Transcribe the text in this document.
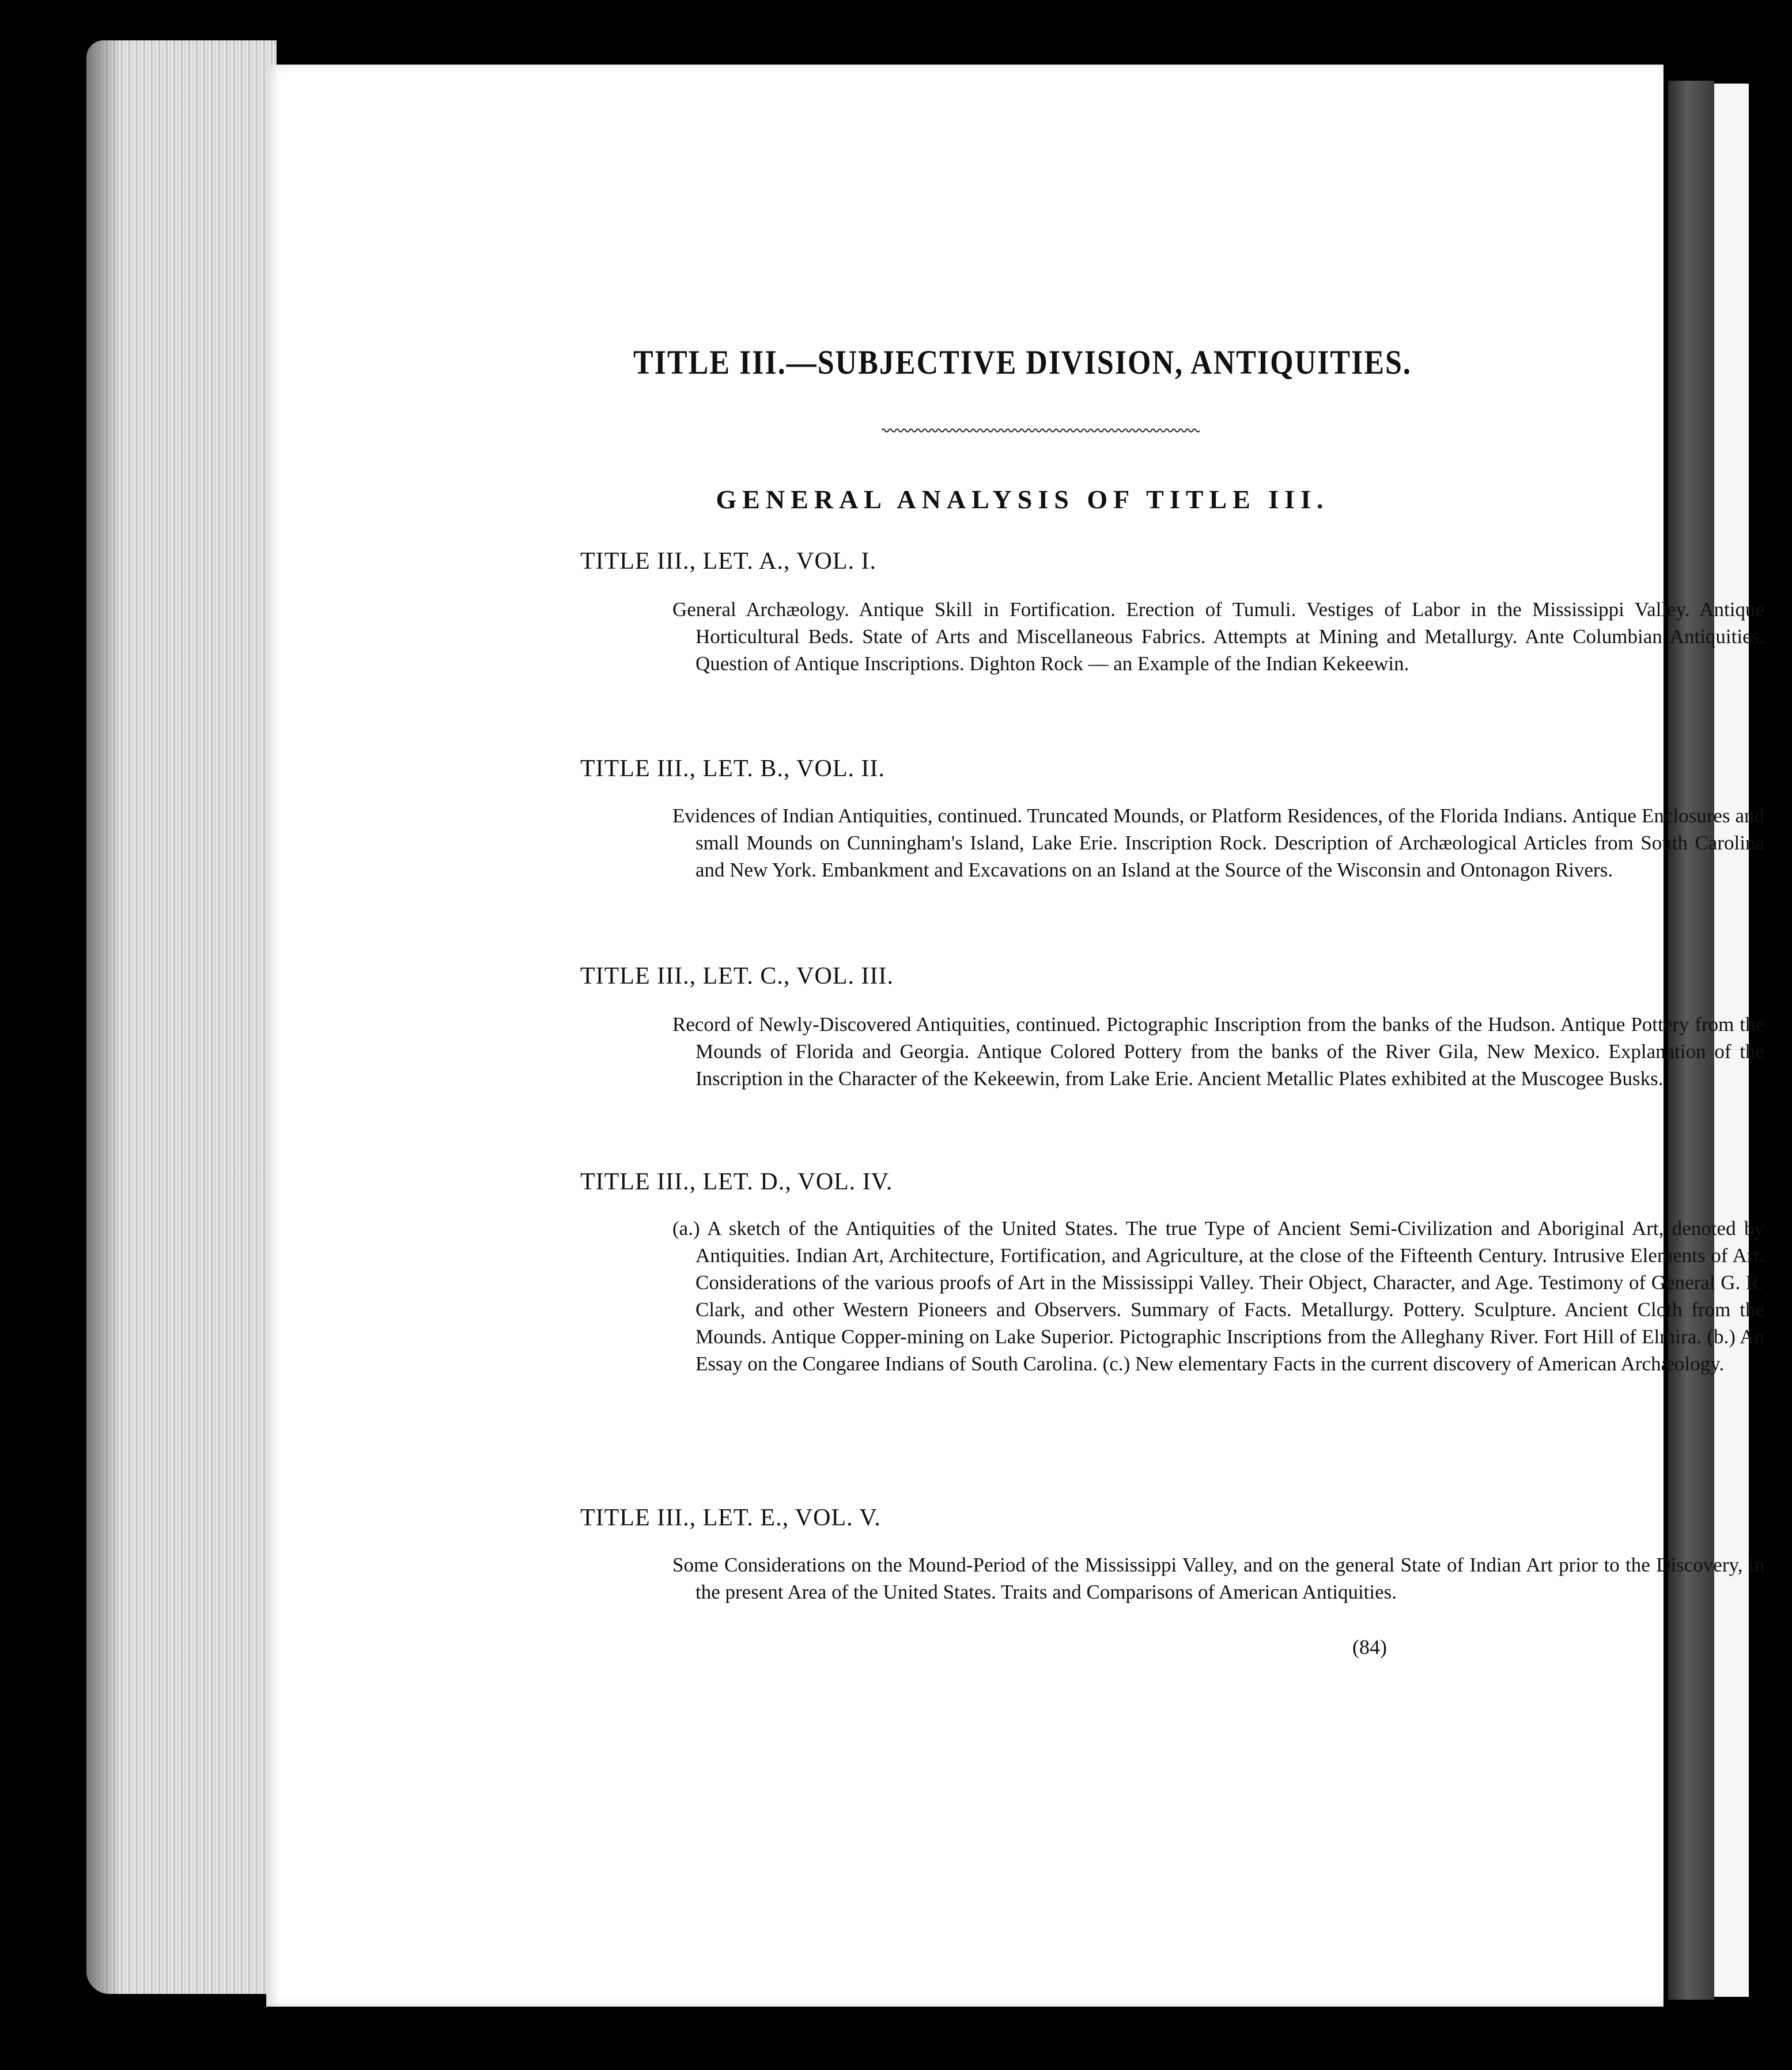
TITLE III.—SUBJECTIVE DIVISION, ANTIQUITIES.
GENERAL ANALYSIS OF TITLE III.
TITLE III., LET. A., VOL. I.
General Archæology. Antique Skill in Fortification. Erection of Tumuli. Vestiges of Labor in the Mississippi Valley. Antique Horticultural Beds. State of Arts and Miscellaneous Fabrics. Attempts at Mining and Metallurgy. Ante Columbian Antiquities. Question of Antique Inscriptions. Dighton Rock — an Example of the Indian Kekeewin.
TITLE III., LET. B., VOL. II.
Evidences of Indian Antiquities, continued. Truncated Mounds, or Platform Residences, of the Florida Indians. Antique Enclosures and small Mounds on Cunningham's Island, Lake Erie. Inscription Rock. Description of Archæological Articles from South Carolina and New York. Embankment and Excavations on an Island at the Source of the Wisconsin and Ontonagon Rivers.
TITLE III., LET. C., VOL. III.
Record of Newly-Discovered Antiquities, continued. Pictographic Inscription from the banks of the Hudson. Antique Pottery from the Mounds of Florida and Georgia. Antique Colored Pottery from the banks of the River Gila, New Mexico. Explanation of the Inscription in the Character of the Kekeewin, from Lake Erie. Ancient Metallic Plates exhibited at the Muscogee Busks.
TITLE III., LET. D., VOL. IV.
(a.) A sketch of the Antiquities of the United States. The true Type of Ancient Semi-Civilization and Aboriginal Art, denoted by Antiquities. Indian Art, Architecture, Fortification, and Agriculture, at the close of the Fifteenth Century. Intrusive Elements of Art. Considerations of the various proofs of Art in the Mississippi Valley. Their Object, Character, and Age. Testimony of General G. R. Clark, and other Western Pioneers and Observers. Summary of Facts. Metallurgy. Pottery. Sculpture. Ancient Cloth from the Mounds. Antique Copper-mining on Lake Superior. Pictographic Inscriptions from the Alleghany River. Fort Hill of Elmira. (b.) An Essay on the Congaree Indians of South Carolina. (c.) New elementary Facts in the current discovery of American Archæology.
TITLE III., LET. E., VOL. V.
Some Considerations on the Mound-Period of the Mississippi Valley, and on the general State of Indian Art prior to the Discovery, in the present Area of the United States. Traits and Comparisons of American Antiquities.
(84)
